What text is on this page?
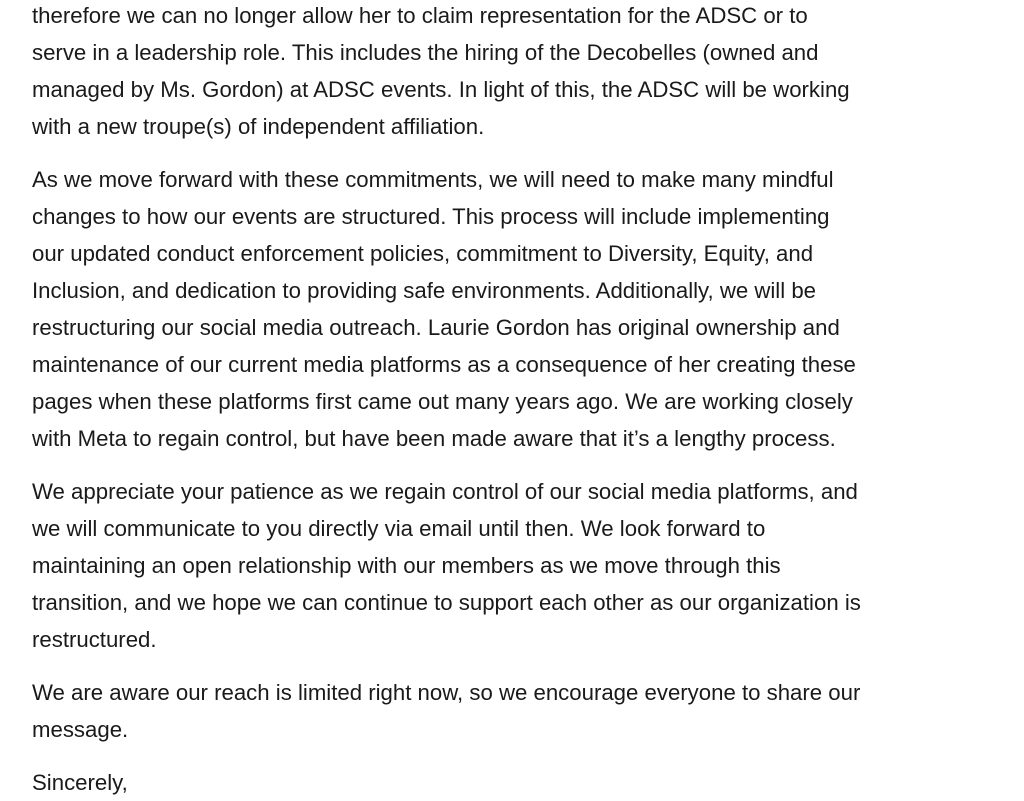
therefore we can no longer allow her to claim representation for the ADSC or to
serve in a leadership role. This includes the hiring of the Decobelles (owned and
managed by Ms. Gordon) at ADSC events. In light of this, the ADSC will be working
with a new troupe(s) of independent affiliation.

As we move forward with these commitments, we will need to make many mindful
changes to how our events are structured. This process will include implementing
our updated conduct enforcement policies, commitment to Diversity, Equity, and
Inclusion, and dedication to providing safe environments. Additionally, we will be
restructuring our social media outreach. Laurie Gordon has original ownership and
maintenance of our current media platforms as a consequence of her creating these
pages when these platforms first came out many years ago. We are working closely
with Meta to regain control, but have been made aware that it’s a lengthy process.

We appreciate your patience as we regain control of our social media platforms, and
we will communicate to you directly via email until then. We look forward to
maintaining an open relationship with our members as we move through this
transition, and we hope we can continue to support each other as our organization is
restructured.

We are aware our reach is limited right now, so we encourage everyone to share our
message.

Sincerely,
